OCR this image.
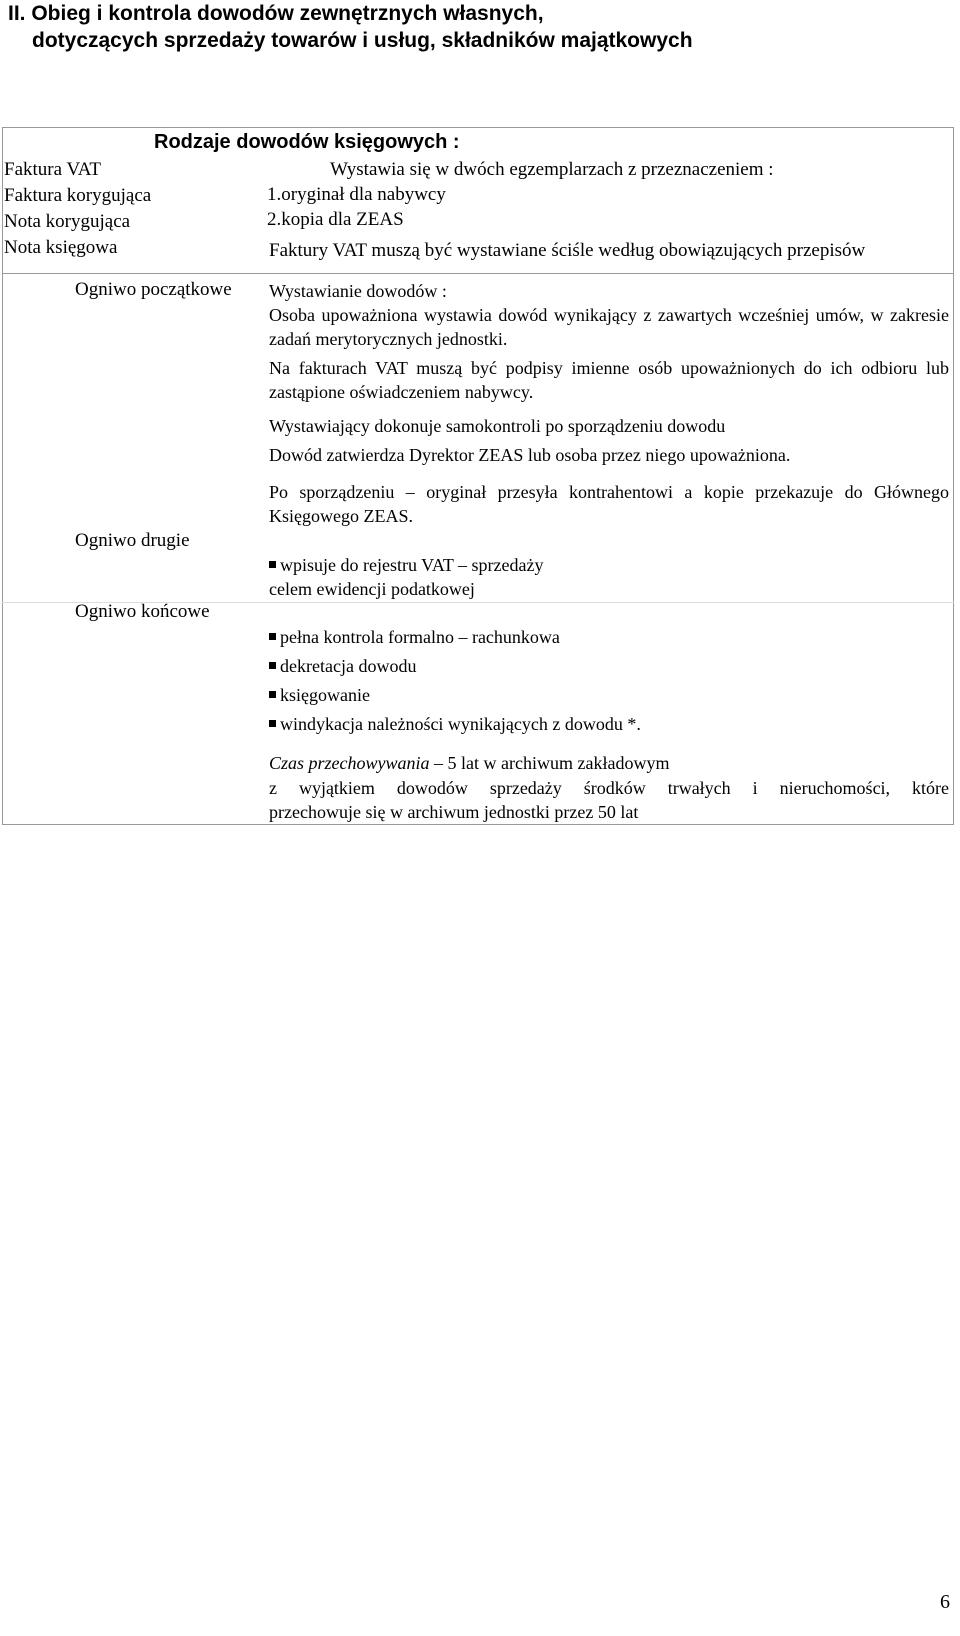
II. Obieg i kontrola dowodów zewnętrznych własnych,
dotyczących sprzedaży towarów i usług, składników majątkowych
Rodzaje dowodów księgowych :
Faktura VAT
Faktura korygująca
Nota korygująca
Nota księgowa
Wystawia się w dwóch egzemplarzach z przeznaczeniem :
1.oryginał dla nabywcy
2.kopia dla ZEAS
Faktury VAT muszą być wystawiane ściśle według obowiązujących przepisów
Ogniwo początkowe
Ogniwo drugie
Ogniwo końcowe
Wystawianie dowodów :
Osoba upoważniona wystawia dowód wynikający z zawartych wcześniej umów, w zakresie zadań merytorycznych jednostki.
Na fakturach VAT muszą być podpisy imienne osób upoważnionych do ich odbioru lub zastąpione oświadczeniem nabywcy.
Wystawiający dokonuje samokontroli po sporządzeniu dowodu
Dowód zatwierdza Dyrektor ZEAS lub osoba przez niego upoważniona.
Po sporządzeniu – oryginał przesyła kontrahentowi a kopie przekazuje do Głównego Księgowego ZEAS.
wpisuje do rejestru VAT – sprzedaży
celem ewidencji podatkowej
pełna kontrola formalno – rachunkowa
dekretacja dowodu
księgowanie
windykacja należności wynikających z dowodu *.
Czas przechowywania – 5 lat w archiwum zakładowym
z wyjątkiem dowodów sprzedaży środków trwałych i nieruchomości, które
przechowuje się w archiwum jednostki przez 50 lat
6
